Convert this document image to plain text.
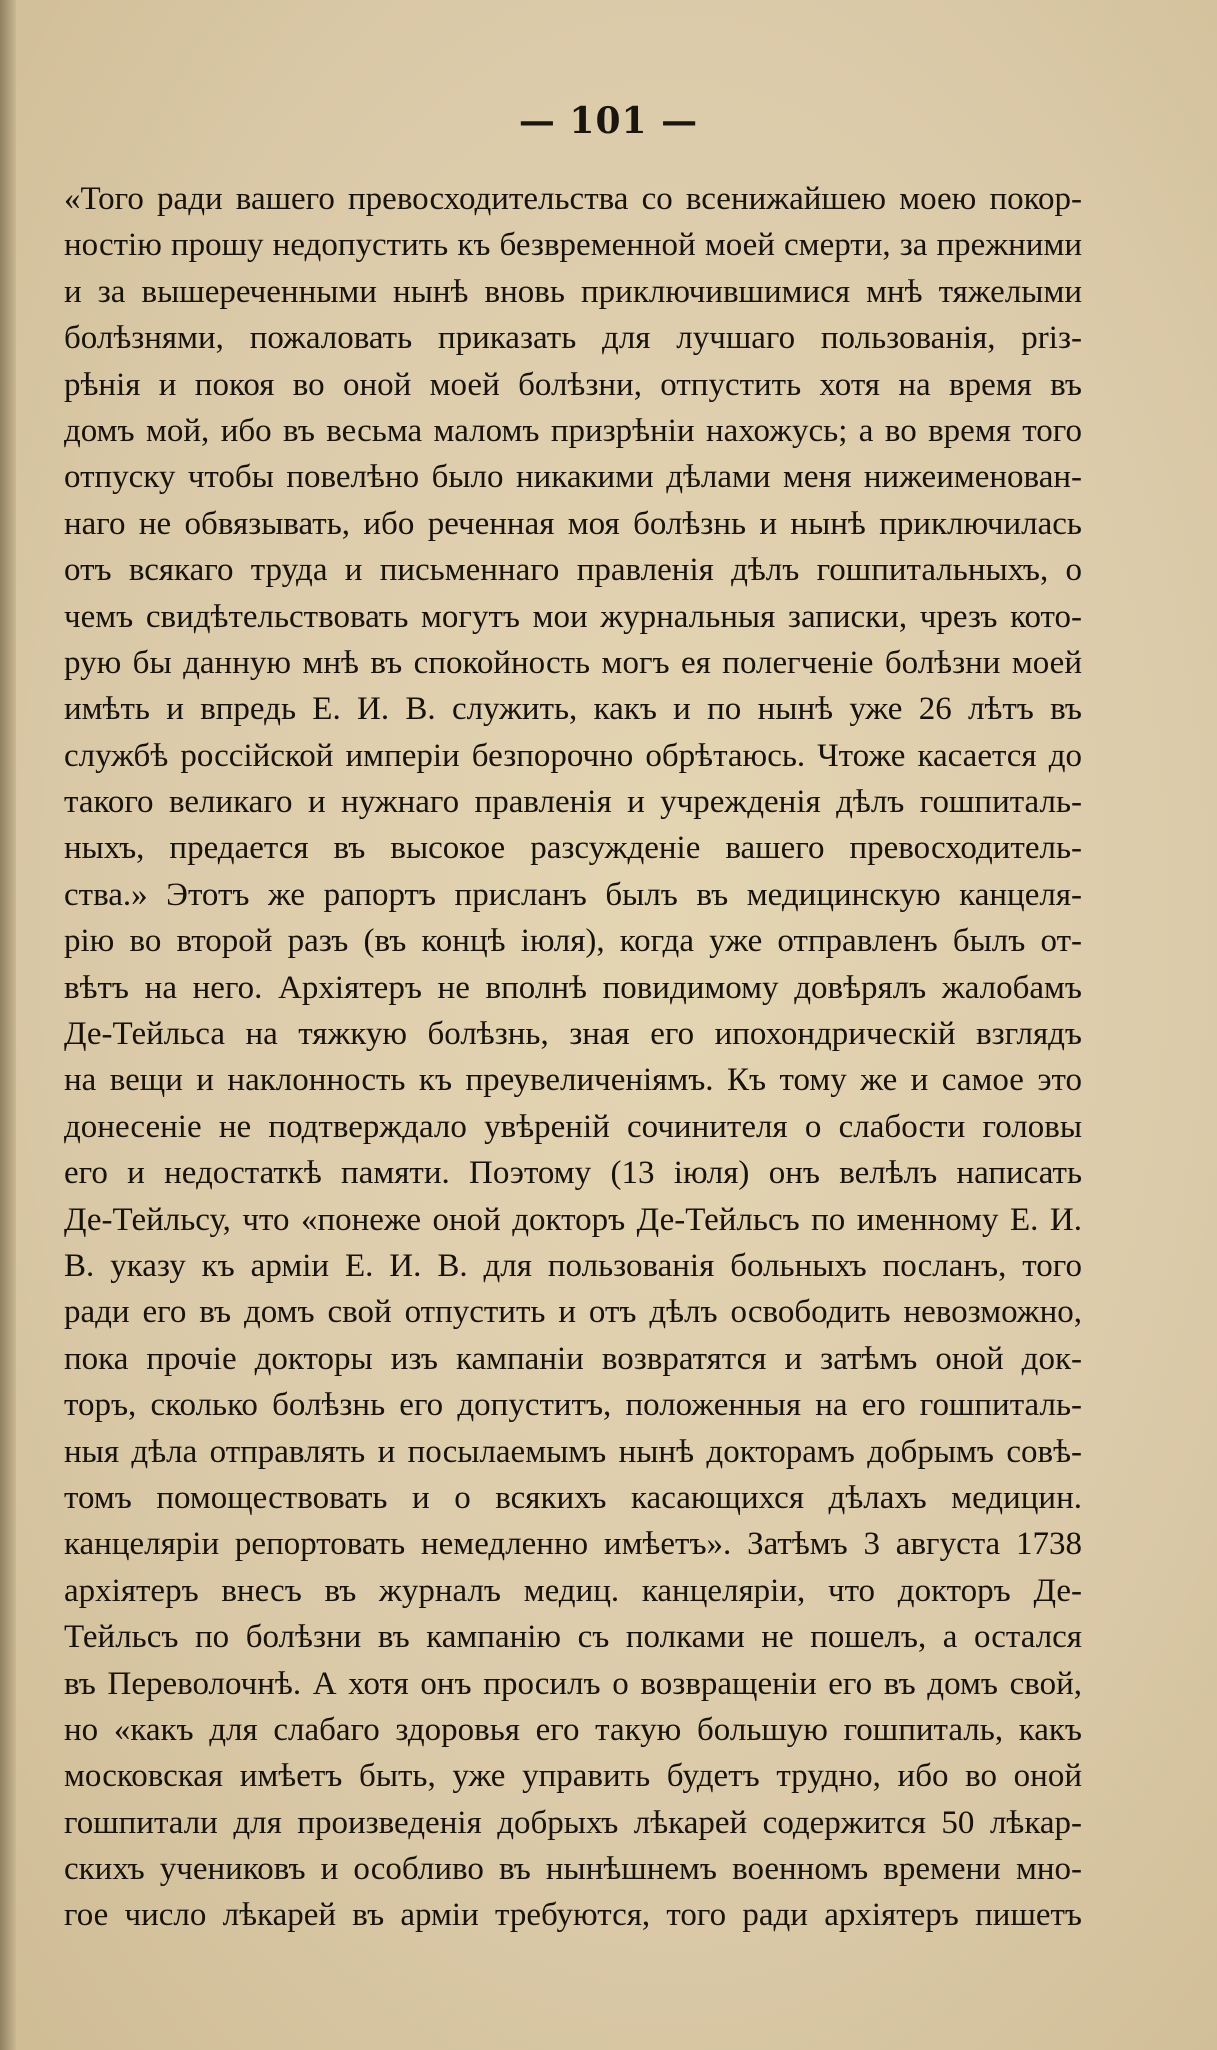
— 101 —
«Того ради вашего превосходительства со всенижайшею моею покор-
ностію прошу недопустить къ безвременной моей смерти, за прежними
и за вышереченными нынѣ вновь приключившимися мнѣ тяжелыми
болѣзнями, пожаловать приказать для лучшаго пользованія, priз-
рѣнія и покоя во оной моей болѣзни, отпустить хотя на время въ
домъ мой, ибо въ весьма маломъ призрѣніи нахожусь; а во время того
отпуску чтобы повелѣно было никакими дѣлами меня нижеименован-
наго не обвязывать, ибо реченная моя болѣзнь и нынѣ приключилась
отъ всякаго труда и письменнаго правленія дѣлъ гошпитальныхъ, о
чемъ свидѣтельствовать могутъ мои журнальныя записки, чрезъ кото-
рую бы данную мнѣ въ спокойность могъ ея полегченіе болѣзни моей
имѣть и впредь Е. И. В. служить, какъ и по нынѣ уже 26 лѣтъ въ
службѣ россійской имперіи безпорочно обрѣтаюсь. Чтоже касается до
такого великаго и нужнаго правленія и учрежденія дѣлъ гошпиталь-
ныхъ, предается въ высокое разсужденіе вашего превосходитель-
ства.» Этотъ же рапортъ присланъ былъ въ медицинскую канцеля-
рію во второй разъ (въ концѣ іюля), когда уже отправленъ былъ от-
вѣтъ на него. Архіятеръ не вполнѣ повидимому довѣрялъ жалобамъ
Де-Тейльса на тяжкую болѣзнь, зная его ипохондрическій взглядъ
на вещи и наклонность къ преувеличеніямъ. Къ тому же и самое это
донесеніе не подтверждало увѣреній сочинителя о слабости головы
его и недостаткѣ памяти. Поэтому (13 іюля) онъ велѣлъ написать
Де-Тейльсу, что «понеже оной докторъ Де-Тейльсъ по именному Е. И.
В. указу къ арміи Е. И. В. для пользованія больныхъ посланъ, того
ради его въ домъ свой отпустить и отъ дѣлъ освободить невозможно,
пока прочіе докторы изъ кампаніи возвратятся и затѣмъ оной док-
торъ, сколько болѣзнь его допуститъ, положенныя на его гошпиталь-
ныя дѣла отправлять и посылаемымъ нынѣ докторамъ добрымъ совѣ-
томъ помоществовать и о всякихъ касающихся дѣлахъ медицин.
канцеляріи репортовать немедленно имѣетъ». Затѣмъ 3 августа 1738
архіятеръ внесъ въ журналъ медиц. канцеляріи, что докторъ Де-
Тейльсъ по болѣзни въ кампанію съ полками не пошелъ, а остался
въ Переволочнѣ. А хотя онъ просилъ о возвращеніи его въ домъ свой,
но «какъ для слабаго здоровья его такую большую гошпиталь, какъ
московская имѣетъ быть, уже управить будетъ трудно, ибо во оной
гошпитали для произведенія добрыхъ лѣкарей содержится 50 лѣкар-
скихъ учениковъ и особливо въ нынѣшнемъ военномъ времени мно-
гое число лѣкарей въ арміи требуются, того ради архіятеръ пишетъ
